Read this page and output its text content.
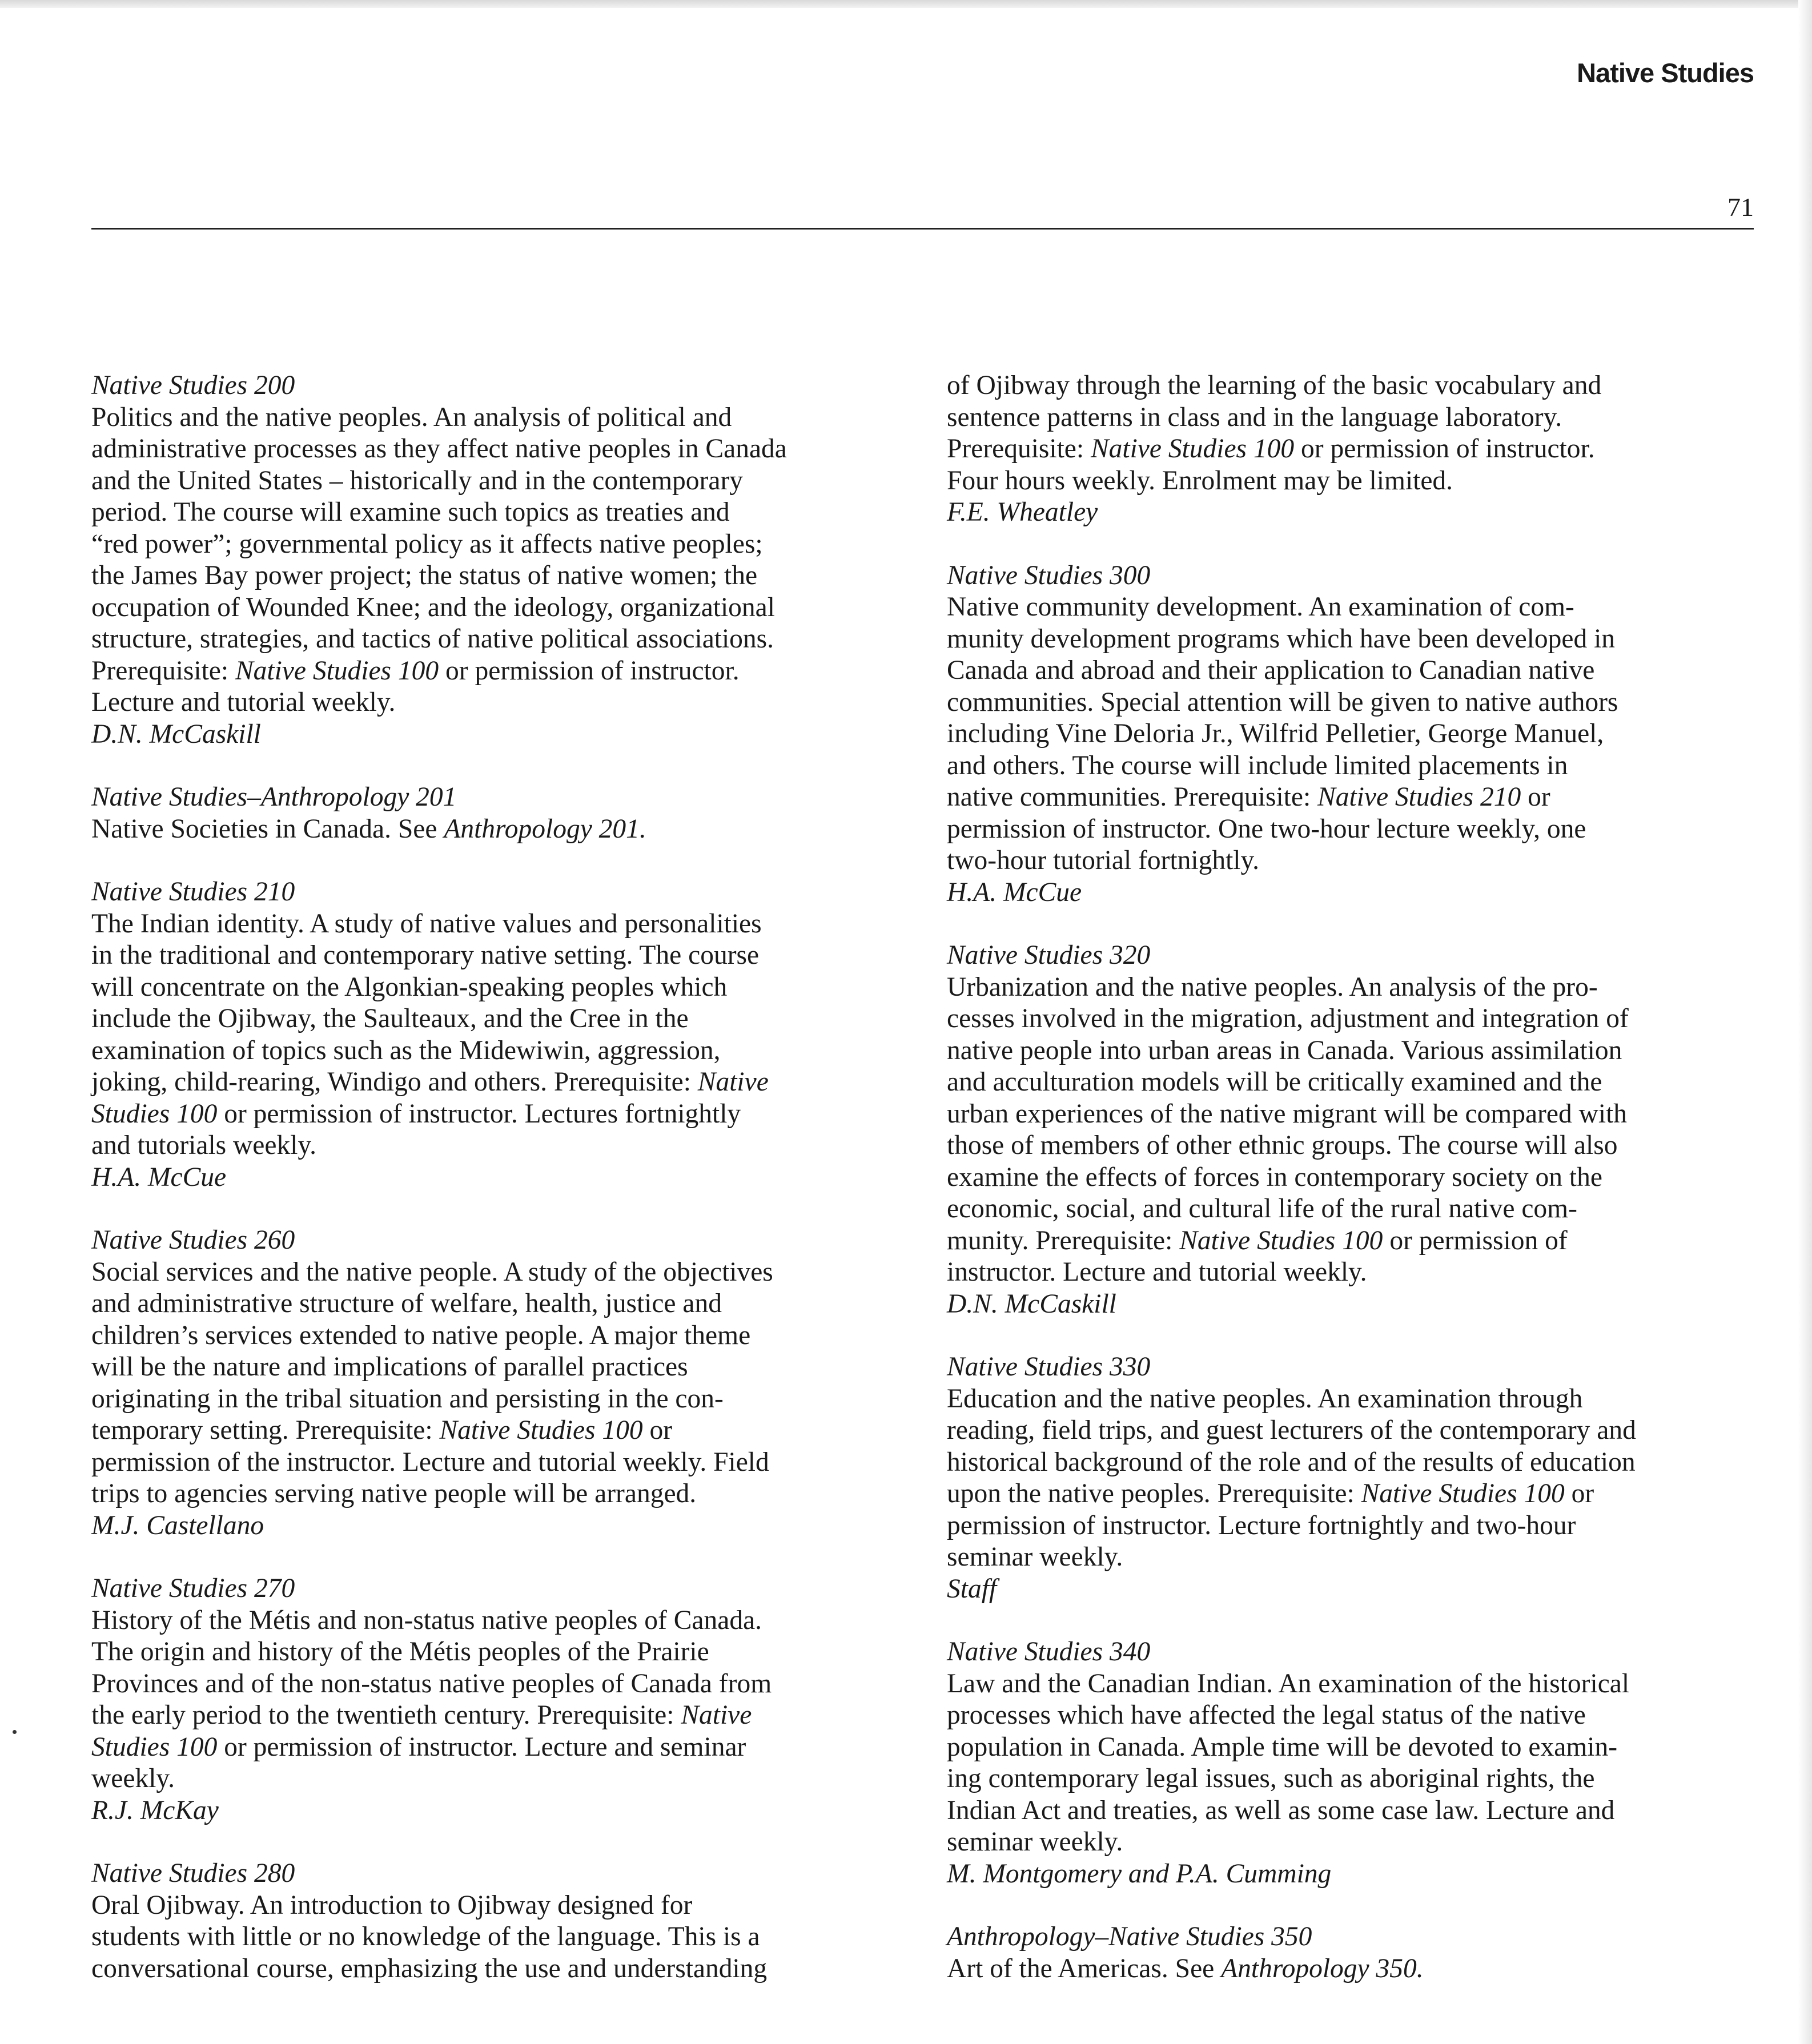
Native Studies
71
Native Studies 200
Politics and the native peoples. An analysis of political and
administrative processes as they affect native peoples in Canada
and the United States – historically and in the contemporary
period. The course will examine such topics as treaties and
“red power”; governmental policy as it affects native peoples;
the James Bay power project; the status of native women; the
occupation of Wounded Knee; and the ideology, organizational
structure, strategies, and tactics of native political associations.
Prerequisite: Native Studies 100 or permission of instructor.
Lecture and tutorial weekly.
D.N. McCaskill
Native Studies–Anthropology 201
Native Societies in Canada. See Anthropology 201.
Native Studies 210
The Indian identity. A study of native values and personalities
in the traditional and contemporary native setting. The course
will concentrate on the Algonkian-speaking peoples which
include the Ojibway, the Saulteaux, and the Cree in the
examination of topics such as the Midewiwin, aggression,
joking, child-rearing, Windigo and others. Prerequisite: Native
Studies 100 or permission of instructor. Lectures fortnightly
and tutorials weekly.
H.A. McCue
Native Studies 260
Social services and the native people. A study of the objectives
and administrative structure of welfare, health, justice and
children’s services extended to native people. A major theme
will be the nature and implications of parallel practices
originating in the tribal situation and persisting in the con-
temporary setting. Prerequisite: Native Studies 100 or
permission of the instructor. Lecture and tutorial weekly. Field
trips to agencies serving native people will be arranged.
M.J. Castellano
Native Studies 270
History of the Métis and non-status native peoples of Canada.
The origin and history of the Métis peoples of the Prairie
Provinces and of the non-status native peoples of Canada from
the early period to the twentieth century. Prerequisite: Native
Studies 100 or permission of instructor. Lecture and seminar
weekly.
R.J. McKay
Native Studies 280
Oral Ojibway. An introduction to Ojibway designed for
students with little or no knowledge of the language. This is a
conversational course, emphasizing the use and understanding
of Ojibway through the learning of the basic vocabulary and
sentence patterns in class and in the language laboratory.
Prerequisite: Native Studies 100 or permission of instructor.
Four hours weekly. Enrolment may be limited.
F.E. Wheatley
Native Studies 300
Native community development. An examination of com-
munity development programs which have been developed in
Canada and abroad and their application to Canadian native
communities. Special attention will be given to native authors
including Vine Deloria Jr., Wilfrid Pelletier, George Manuel,
and others. The course will include limited placements in
native communities. Prerequisite: Native Studies 210 or
permission of instructor. One two-hour lecture weekly, one
two-hour tutorial fortnightly.
H.A. McCue
Native Studies 320
Urbanization and the native peoples. An analysis of the pro-
cesses involved in the migration, adjustment and integration of
native people into urban areas in Canada. Various assimilation
and acculturation models will be critically examined and the
urban experiences of the native migrant will be compared with
those of members of other ethnic groups. The course will also
examine the effects of forces in contemporary society on the
economic, social, and cultural life of the rural native com-
munity. Prerequisite: Native Studies 100 or permission of
instructor. Lecture and tutorial weekly.
D.N. McCaskill
Native Studies 330
Education and the native peoples. An examination through
reading, field trips, and guest lecturers of the contemporary and
historical background of the role and of the results of education
upon the native peoples. Prerequisite: Native Studies 100 or
permission of instructor. Lecture fortnightly and two-hour
seminar weekly.
Staff
Native Studies 340
Law and the Canadian Indian. An examination of the historical
processes which have affected the legal status of the native
population in Canada. Ample time will be devoted to examin-
ing contemporary legal issues, such as aboriginal rights, the
Indian Act and treaties, as well as some case law. Lecture and
seminar weekly.
M. Montgomery and P.A. Cumming
Anthropology–Native Studies 350
Art of the Americas. See Anthropology 350.
